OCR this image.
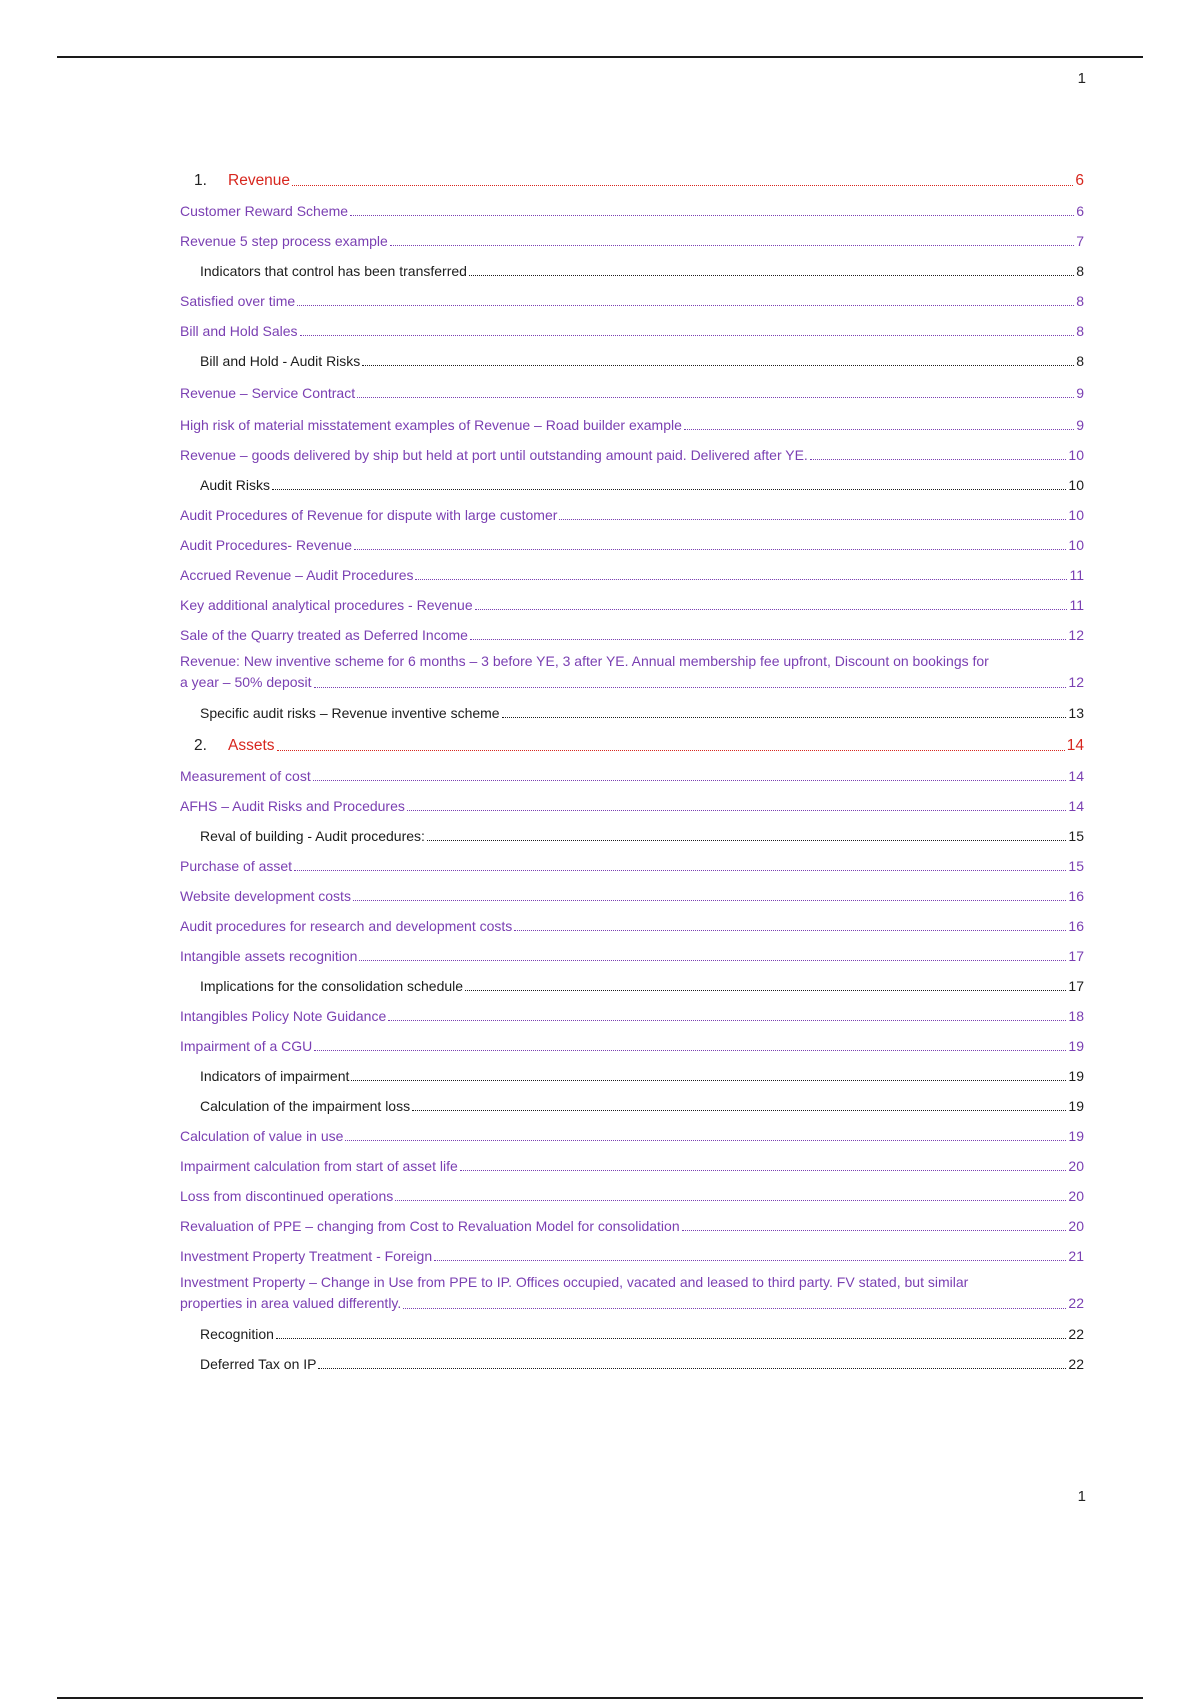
1
1.	Revenue	6
Customer Reward Scheme	6
Revenue 5 step process example	7
Indicators that control has been transferred	8
Satisfied over time	8
Bill and Hold Sales	8
Bill and Hold - Audit Risks	8
Revenue – Service Contract	9
High risk of material misstatement examples of Revenue – Road builder example	9
Revenue – goods delivered by ship but held at port until outstanding amount paid. Delivered after YE.	10
Audit Risks	10
Audit Procedures of Revenue for dispute with large customer	10
Audit Procedures- Revenue	10
Accrued Revenue – Audit Procedures	11
Key additional analytical procedures - Revenue	11
Sale of the Quarry treated as Deferred Income	12
Revenue: New inventive scheme for 6 months – 3 before YE, 3 after YE. Annual membership fee upfront, Discount on bookings for
a year – 50% deposit	12
Specific audit risks – Revenue inventive scheme	13
2.	Assets	14
Measurement of cost	14
AFHS – Audit Risks and Procedures	14
Reval of building - Audit procedures:	15
Purchase of asset	15
Website development costs	16
Audit procedures for research and development costs	16
Intangible assets recognition	17
Implications for the consolidation schedule	17
Intangibles Policy Note Guidance	18
Impairment of a CGU	19
Indicators of impairment	19
Calculation of the impairment loss	19
Calculation of value in use	19
Impairment calculation from start of asset life	20
Loss from discontinued operations	20
Revaluation of PPE – changing from Cost to Revaluation Model for consolidation	20
Investment Property Treatment - Foreign	21
Investment Property – Change in Use from PPE to IP. Offices occupied, vacated and leased to third party. FV stated, but similar
properties in area valued differently.	22
Recognition	22
Deferred Tax on IP	22
1
